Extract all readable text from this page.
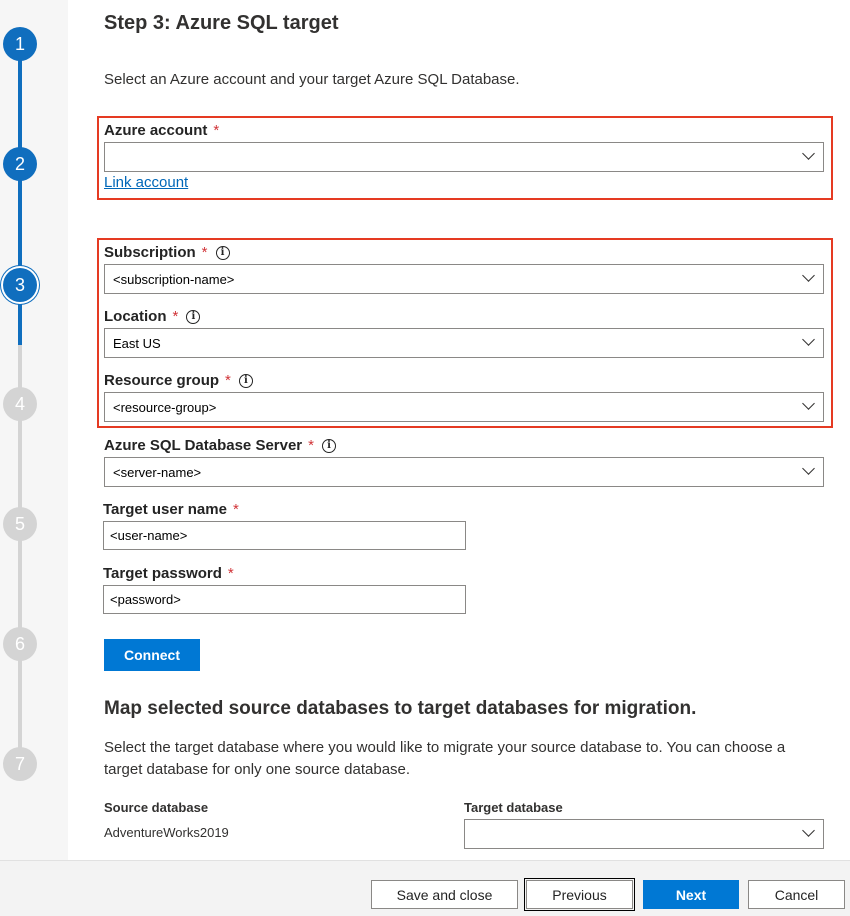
1
2
3
4
5
6
7
Step 3: Azure SQL target
Select an Azure account and your target Azure SQL Database.
Azure account *
Link account
Subscription *	i
<subscription-name>
Location *	i
East US
Resource group *	i
<resource-group>
Azure SQL Database Server *	i
<server-name>
Target user name *
<user-name>
Target password *
<password>
Connect
Map selected source databases to target databases for migration.
Select the target database where you would like to migrate your source database to. You can choose a
target database for only one source database.
Source database	Target database
AdventureWorks2019
Save and close	Previous	Next	Cancel
